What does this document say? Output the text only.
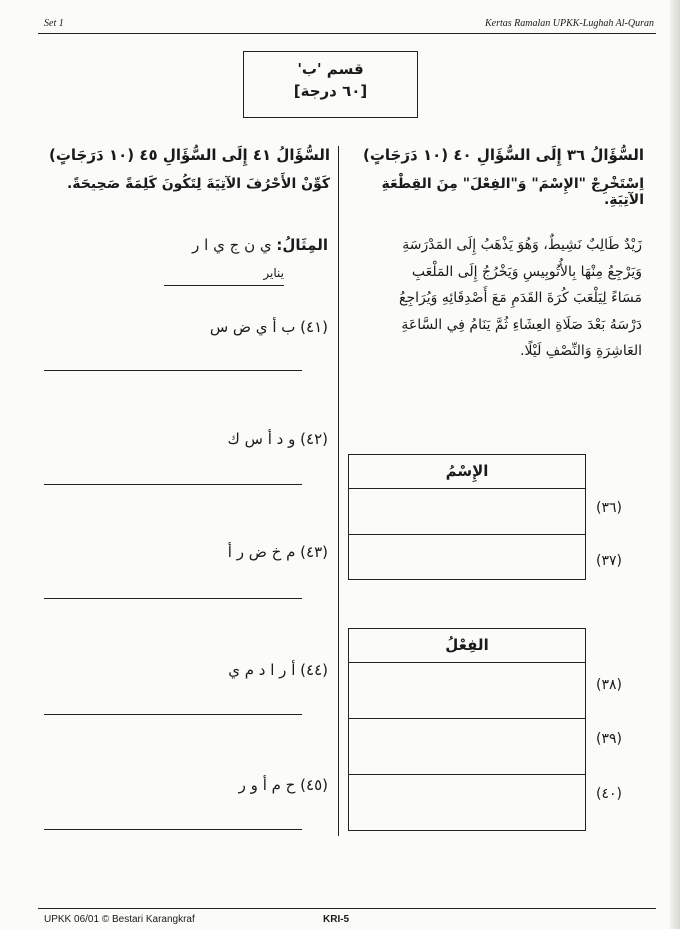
Set 1	Kertas Ramalan UPKK-Lughah Al-Quran
قسم 'ب'
[٦٠ درجة]
السُّؤَالُ ٣٦ إِلَى السُّؤَالِ ٤٠ (١٠ دَرَجَاتٍ)
اِسْتَخْرِجْ "الإِسْمَ" وَ"الفِعْلَ" مِنَ القِطْعَةِ الآتِيَةِ.
زَيْدٌ طَالِبٌ نَشِيطٌ، وَهُوَ يَذْهَبُ إِلَى المَدْرَسَةِ
وَيَرْجِعُ مِنْهَا بِالأُتُوبِيسِ وَيَخْرُجُ إِلَى المَلْعَبِ
مَسَاءً لِيَلْعَبَ كُرَةَ القَدَمِ مَعَ أَصْدِقَائِهِ وَيُرَاجِعُ
دَرْسَهُ بَعْدَ صَلَاةِ العِشَاءِ ثُمَّ يَنَامُ فِي السَّاعَةِ
العَاشِرَةِ وَالنِّصْفِ لَيْلًا.
الإِسْمُ
(٣٦)
(٣٧)
الفِعْلُ
(٣٨)
(٣٩)
(٤٠)
السُّؤَالُ ٤١ إِلَى السُّؤَالِ ٤٥ (١٠ دَرَجَاتٍ)
كَوِّنْ الأَحْرُفَ الآتِيَةَ لِتَكُونَ كَلِمَةً صَحِيحَةً.
المِثَالُ: ي ن ج ي ا ر
يناير
(٤١) ب أ ي ض س
(٤٢) و د أ س ك
(٤٣) م خ ض ر أ
(٤٤) أ ر ا د م ي
(٤٥) ح م أ و ر
UPKK 06/01 © Bestari Karangkraf	KRI-5
